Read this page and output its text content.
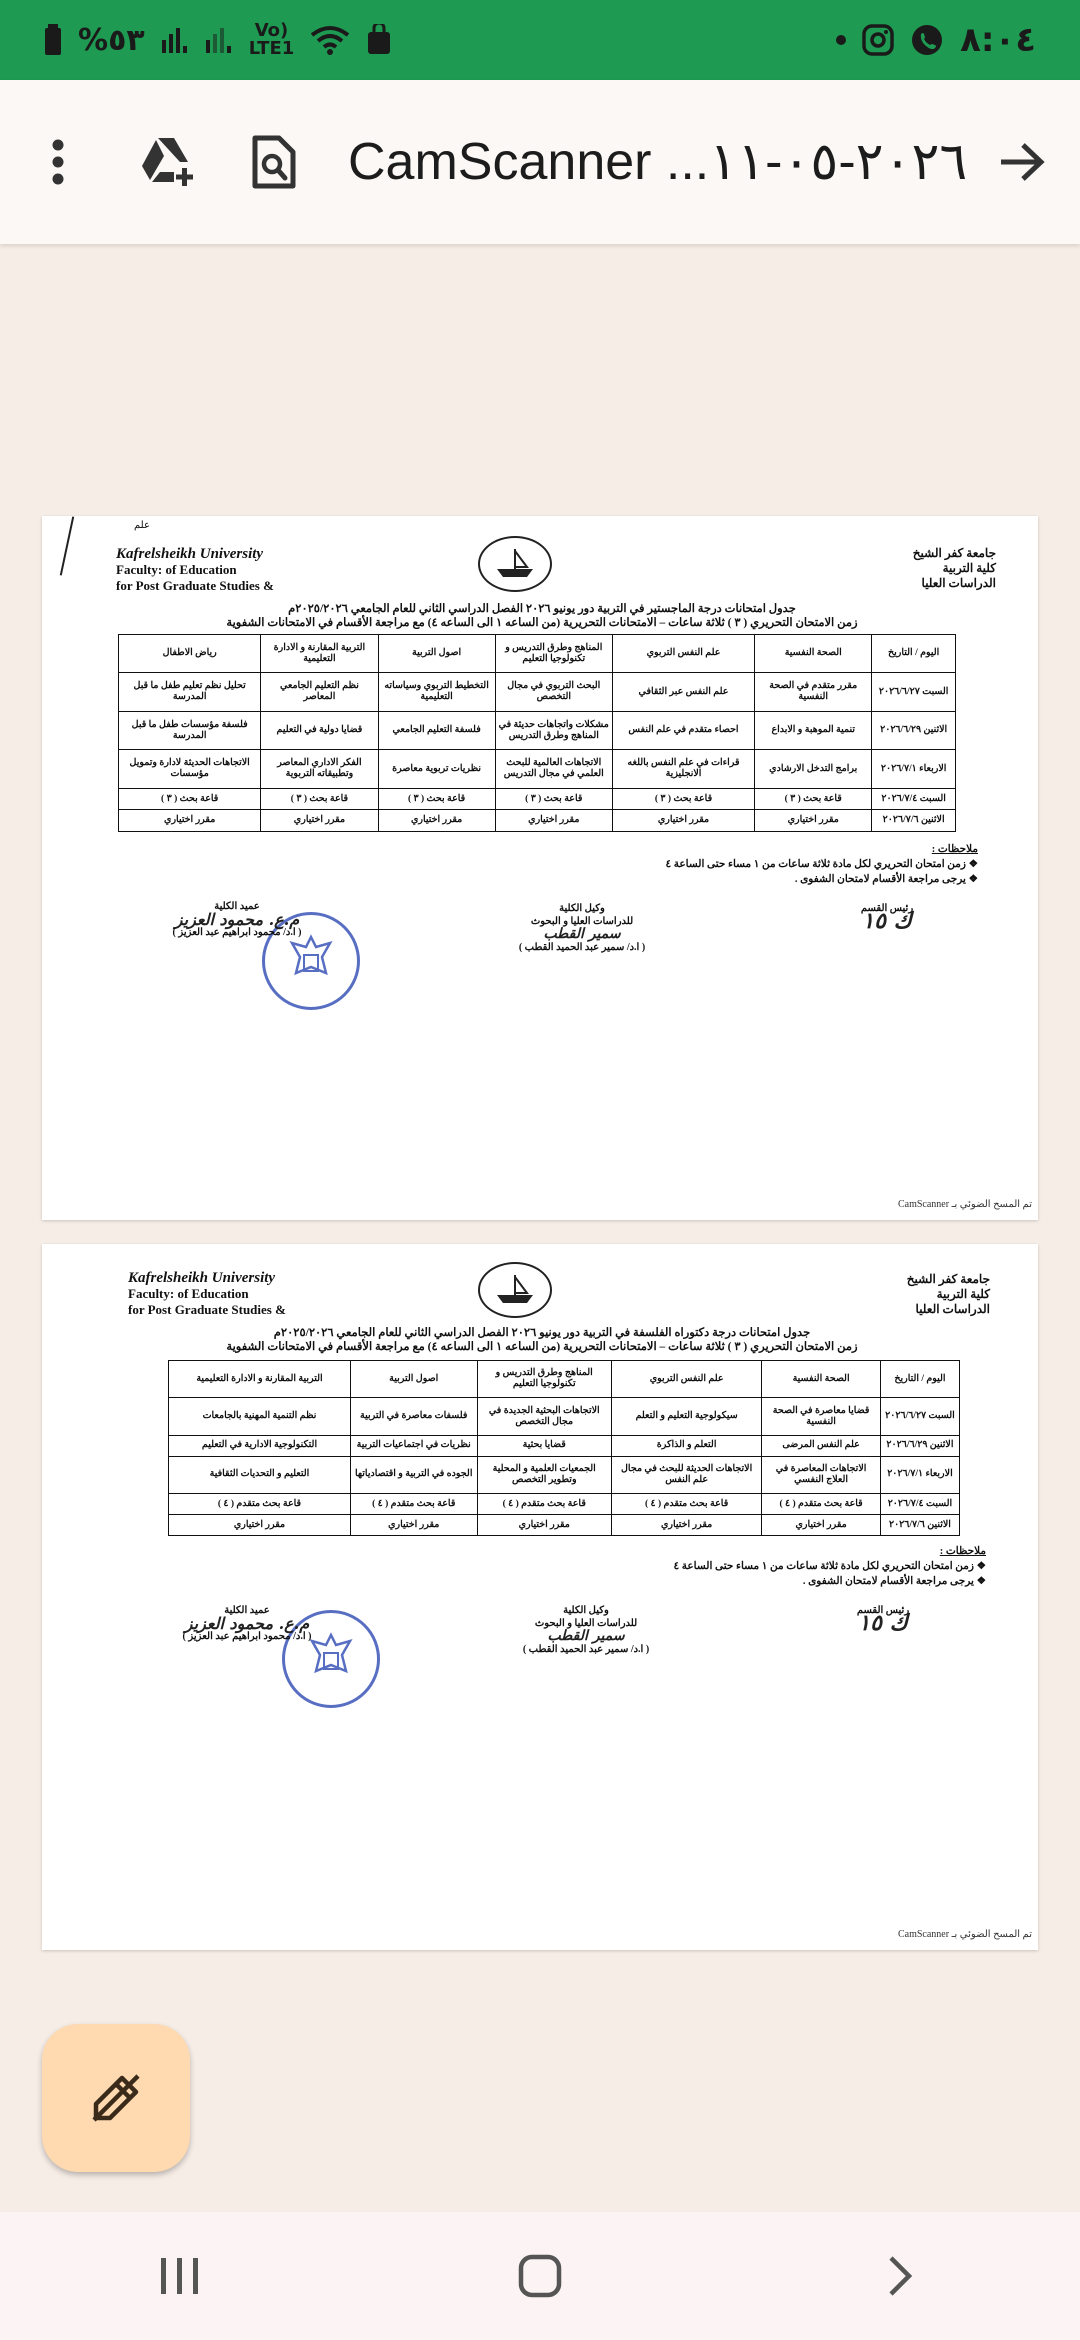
%٥٣	Vo)
LTE1	٨:٠٤
CamScanner ...٢٠٢٦-٠٥-١١
علم
Kafrelsheikh University
Faculty: of Education
for Post Graduate Studies &
جامعة كفر الشيخ
كلية التربية
الدراسات العليا
جدول امتحانات درجة الماجستير في التربية دور يونيو ٢٠٢٦ الفصل الدراسي الثاني للعام الجامعي ٢٠٢٥/٢٠٢٦م
زمن الامتحان التحريري ( ٣ ) ثلاثة ساعات – الامتحانات التحريرية (من الساعه ١ الى الساعه ٤) مع مراجعة الأقسام في الامتحانات الشفوية
اليوم / التاريخ	الصحة النفسية	علم النفس التربوي	المناهج وطرق التدريس و تكنولوجيا التعليم	اصول التربية	التربية المقارنة و الادارة التعليمية	رياض الاطفال
السبت ٢٠٢٦/٦/٢٧	مقرر متقدم في الصحة النفسية	علم النفس عبر الثقافي	البحث التربوي في مجال التخصص	التخطيط التربوي وسياساته التعليمية	نظم التعليم الجامعي المعاصر	تحليل نظم تعليم طفل ما قبل المدرسة
الاثنين ٢٠٢٦/٦/٢٩	تنمية الموهبة و الابداع	احصاء متقدم في علم النفس	مشكلات واتجاهات حديثة في المناهج وطرق التدريس	فلسفة التعليم الجامعي	قضايا دولية في التعليم	فلسفة مؤسسات طفل ما قبل المدرسة
الاربعاء ٢٠٢٦/٧/١	برامج التدخل الارشادي	قراءات في علم النفس باللغه الانجليزية	الاتجاهات العالمية للبحث العلمي في مجال التدريس	نظريات تربوية معاصرة	الفكر الاداري المعاصر وتطبيقاته التربوية	الاتجاهات الحديثة لادارة وتمويل مؤسسات
السبت ٢٠٢٦/٧/٤	قاعة بحث ( ٣ )	قاعة بحث ( ٣ )	قاعة بحث ( ٣ )	قاعة بحث ( ٣ )	قاعة بحث ( ٣ )	قاعة بحث ( ٣ )
الاثنين ٢٠٢٦/٧/٦	مقرر اختياري	مقرر اختياري	مقرر اختياري	مقرر اختياري	مقرر اختياري	مقرر اختياري
ملاحظات :
❖ زمن امتحان التحريري لكل مادة ثلاثة ساعات من ١ مساء حتى الساعة ٤
❖ يرجى مراجعة الأقسام لامتحان الشفوى .
رئيس القسم
ك ١٥
وكيل الكلية
للدراسات العليا و البحوث
سمير القطب
( ا.د/ سمير عبد الحميد القطب )
عميد الكلية
م.ع. محمود العزيز
( ا.د/ محمود ابراهيم عبد العزيز )
تم المسح الضوئي بـ CamScanner
Kafrelsheikh University
Faculty: of Education
for Post Graduate Studies &
جامعة كفر الشيخ
كلية التربية
الدراسات العليا
جدول امتحانات درجة دكتوراه الفلسفة في التربية دور يونيو ٢٠٢٦ الفصل الدراسي الثاني للعام الجامعي ٢٠٢٥/٢٠٢٦م
زمن الامتحان التحريري ( ٣ ) ثلاثة ساعات – الامتحانات التحريرية (من الساعه ١ الى الساعه ٤) مع مراجعة الأقسام في الامتحانات الشفوية
اليوم / التاريخ	الصحة النفسية	علم النفس التربوي	المناهج وطرق التدريس و تكنولوجيا التعليم	اصول التربية	التربية المقارنة و الادارة التعليمية
السبت ٢٠٢٦/٦/٢٧	قضايا معاصرة في الصحة النفسية	سيكولوجية التعليم و التعلم	الاتجاهات البحثية الجديدة في مجال التخصص	فلسفات معاصرة في التربية	نظم التنمية المهنية بالجامعات
الاثنين ٢٠٢٦/٦/٢٩	علم النفس المرضى	التعلم و الذاكرة	قضايا بحثية	نظريات في اجتماعيات التربية	التكنولوجية الادارية في التعليم
الاربعاء ٢٠٢٦/٧/١	الاتجاهات المعاصرة في العلاج النفسي	الاتجاهات الحديثة للبحث في مجال علم النفس	الجمعيات العلمية و المحلية وتطوير التخصص	الجوده في التربية و اقتصادياتها	التعليم و التحديات الثقافية
السبت ٢٠٢٦/٧/٤	قاعة بحث متقدم ( ٤ )	قاعة بحث متقدم ( ٤ )	قاعة بحث متقدم ( ٤ )	قاعة بحث متقدم ( ٤ )	قاعة بحث متقدم ( ٤ )
الاثنين ٢٠٢٦/٧/٦	مقرر اختياري	مقرر اختياري	مقرر اختياري	مقرر اختياري	مقرر اختياري
ملاحظات :
❖ زمن امتحان التحريري لكل مادة ثلاثة ساعات من ١ مساء حتى الساعة ٤
❖ يرجى مراجعة الأقسام لامتحان الشفوى .
رئيس القسم
ك ١٥
وكيل الكلية
للدراسات العليا و البحوث
سمير القطب
( ا.د/ سمير عبد الحميد القطب )
عميد الكلية
م.ع. محمود العزيز
( ا.د/ محمود ابراهيم عبد العزيز )
تم المسح الضوئي بـ CamScanner
